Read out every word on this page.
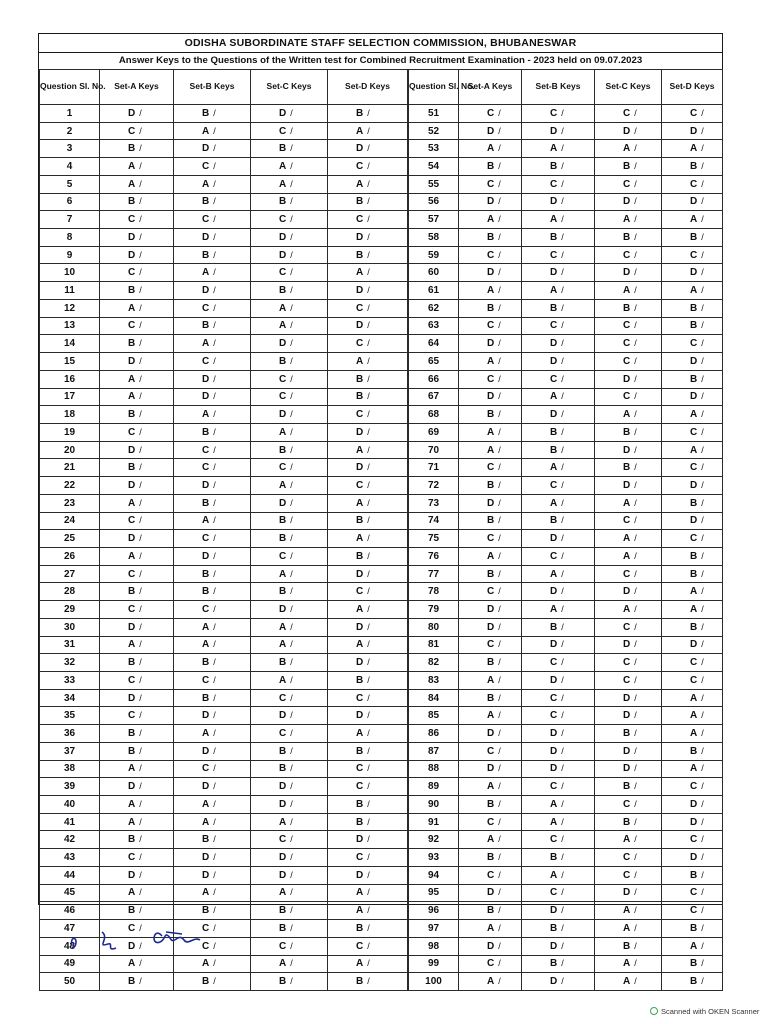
ODISHA SUBORDINATE STAFF SELECTION COMMISSION, BHUBANESWAR
Answer Keys to the Questions of the Written test for Combined Recruitment Examination - 2023 held on 09.07.2023
Question Sl. No.	Set-A Keys	Set-B Keys	Set-C Keys	Set-D Keys
1	D /	B /	D /	B /
2	C /	A /	C /	A /
3	B /	D /	B /	D /
4	A /	C /	A /	C /
5	A /	A /	A /	A /
6	B /	B /	B /	B /
7	C /	C /	C /	C /
8	D /	D /	D /	D /
9	D /	B /	D /	B /
10	C /	A /	C /	A /
11	B /	D /	B /	D /
12	A /	C /	A /	C /
13	C /	B /	A /	D /
14	B /	A /	D /	C /
15	D /	C /	B /	A /
16	A /	D /	C /	B /
17	A /	D /	C /	B /
18	B /	A /	D /	C /
19	C /	B /	A /	D /
20	D /	C /	B /	A /
21	B /	C /	C /	D /
22	D /	D /	A /	C /
23	A /	B /	D /	A /
24	C /	A /	B /	B /
25	D /	C /	B /	A /
26	A /	D /	C /	B /
27	C /	B /	A /	D /
28	B /	B /	B /	C /
29	C /	C /	D /	A /
30	D /	A /	A /	D /
31	A /	A /	A /	A /
32	B /	B /	B /	D /
33	C /	C /	A /	B /
34	D /	B /	C /	C /
35	C /	D /	D /	D /
36	B /	A /	C /	A /
37	B /	D /	B /	B /
38	A /	C /	B /	C /
39	D /	D /	D /	C /
40	A /	A /	D /	B /
41	A /	A /	A /	B /
42	B /	B /	C /	D /
43	C /	D /	D /	C /
44	D /	D /	D /	D /
45	A /	A /	A /	A /
46	B /	B /	B /	A /
47	C /	C /	B /	B /
48	D /	C /	C /	C /
49	A /	A /	A /	A /
50	B /	B /	B /	B /
Question Sl. No.	Set-A Keys	Set-B Keys	Set-C Keys	Set-D Keys
51	C /	C /	C /	C /
52	D /	D /	D /	D /
53	A /	A /	A /	A /
54	B /	B /	B /	B /
55	C /	C /	C /	C /
56	D /	D /	D /	D /
57	A /	A /	A /	A /
58	B /	B /	B /	B /
59	C /	C /	C /	C /
60	D /	D /	D /	D /
61	A /	A /	A /	A /
62	B /	B /	B /	B /
63	C /	C /	C /	B /
64	D /	D /	C /	C /
65	A /	D /	C /	D /
66	C /	C /	D /	B /
67	D /	A /	C /	D /
68	B /	D /	A /	A /
69	A /	B /	B /	C /
70	A /	B /	D /	A /
71	C /	A /	B /	C /
72	B /	C /	D /	D /
73	D /	A /	A /	B /
74	B /	B /	C /	D /
75	C /	D /	A /	C /
76	A /	C /	A /	B /
77	B /	A /	C /	B /
78	C /	D /	D /	A /
79	D /	A /	A /	A /
80	D /	B /	C /	B /
81	C /	D /	D /	D /
82	B /	C /	C /	C /
83	A /	D /	C /	C /
84	B /	C /	D /	A /
85	A /	C /	D /	A /
86	D /	D /	B /	A /
87	C /	D /	D /	B /
88	D /	D /	D /	A /
89	A /	C /	B /	C /
90	B /	A /	C /	D /
91	C /	A /	B /	D /
92	A /	C /	A /	C /
93	B /	B /	C /	D /
94	C /	A /	C /	B /
95	D /	C /	D /	C /
96	B /	D /	A /	C /
97	A /	B /	A /	B /
98	D /	D /	B /	A /
99	C /	B /	A /	B /
100	A /	D /	A /	B /
Scanned with OKEN Scanner
